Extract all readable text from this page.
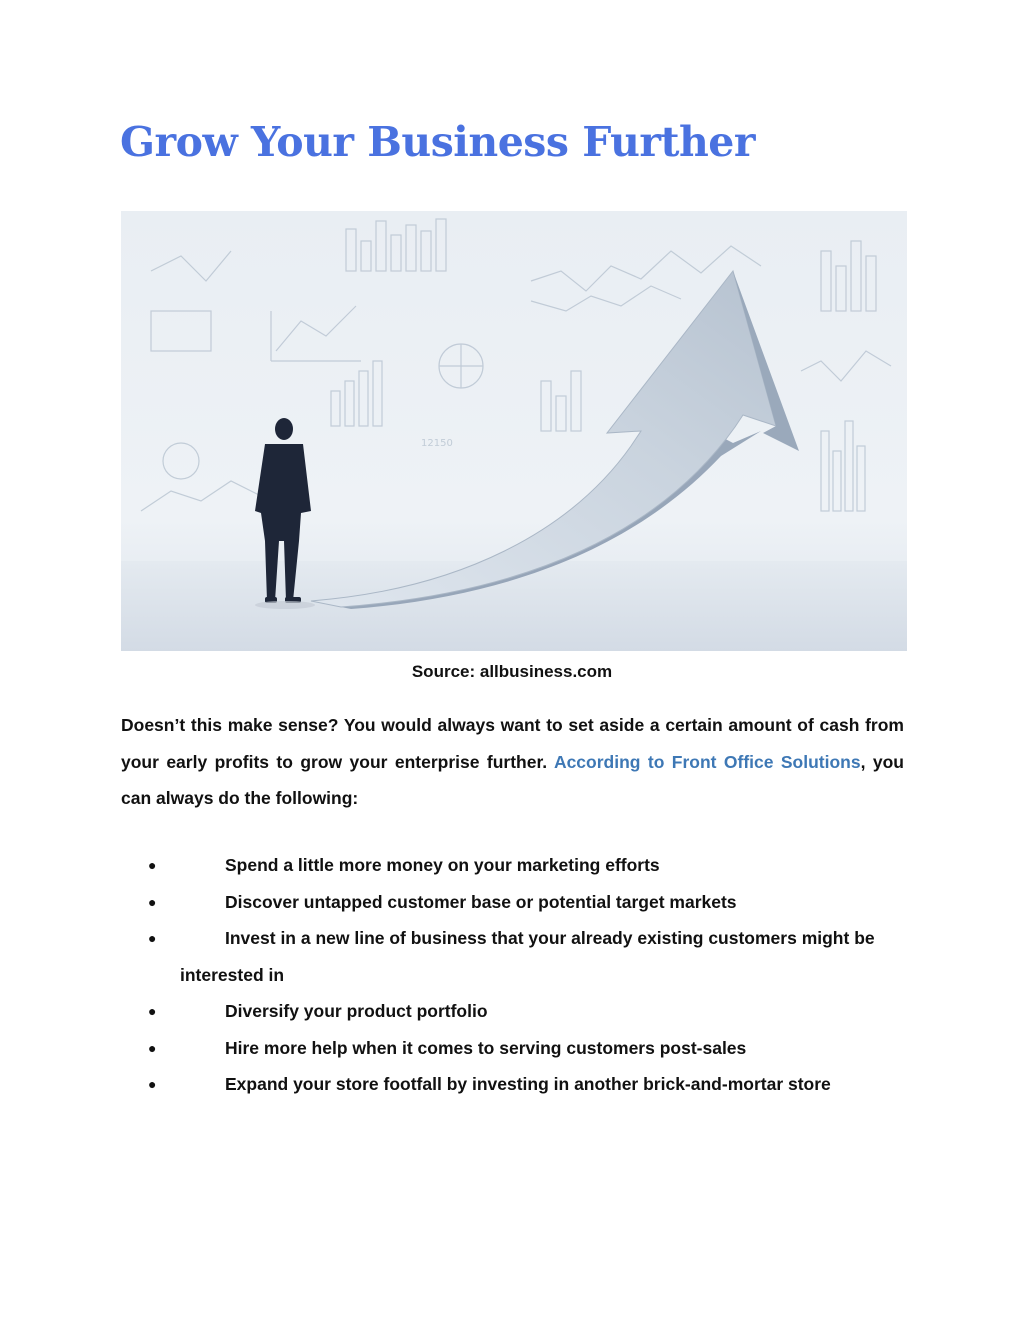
Grow Your Business Further
12150
Source: allbusiness.com

Doesn’t this make sense? You would always want to set aside a certain amount of cash from your early profits to grow your enterprise further. According to Front Office Solutions, you can always do the following:

●	Spend a little more money on your marketing efforts
●	Discover untapped customer base or potential target markets
●	Invest in a new line of business that your already existing customers might be interested in
●	Diversify your product portfolio
●	Hire more help when it comes to serving customers post-sales
●	Expand your store footfall by investing in another brick-and-mortar store
